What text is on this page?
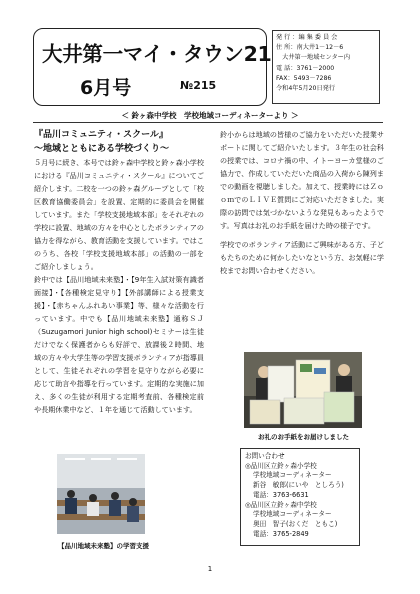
大井第一マイ・タウン21
6月号	№215
発 行 ：編 集 委 員 会
住 所：南大井1－12－6
　大井第一地域センター内
電 話：3761－2000
FAX：5493－7286
令和4年5月20日発行
＜ 鈴ヶ森中学校　学校地域コーディネーターより ＞
『品川コミュニティ・スクール』
～地域とともにある学校づくり～

５月号に続き、本号では鈴ヶ森中学校と鈴ヶ森小学校における『品川コミュニティ・スクール』についてご紹介します。二校を一つの鈴ヶ森グループとして「校区教育協働委員会」を設置、定期的に委員会を開催しています。また「学校支援地域本部」をそれぞれの学校に設置、地域の方々を中心としたボランティアの協力を得ながら、教育活動を支援しています。ではこのうち、各校「学校支援地域本部」の活動の一部をご紹介しましょう。

鈴中では【品川地域未来塾】・【9年生入試対策有識者面接】・【各種検定見守り】【外部講師による授業支援】・【赤ちゃんふれあい事業】等、様々な活動を行っています。中でも【品川地域未来塾】通称ＳＪ（Suzugamori Junior high school)セミナーは生徒だけでなく保護者からも好評で、放課後２時間、地域の方々や大学生等の学習支援ボランティアが指導員として、生徒それぞれの学習を見守りながら必要に応じて助言や指導を行っています。定期的な実施に加え、多くの生徒が利用する定期考査前、各種検定前や長期休業中など、１年を通じて活動しています。

鈴小からは地域の皆様のご協力をいただいた授業サポートに関してご紹介いたします。３年生の社会科の授業では、コロナ禍の中、イトーヨーカ堂様のご協力で、作成していただいた商品の入荷から陳列までの動画を視聴しました。加えて、授業時にはＺｏｏｍでのＬＩＶＥ質問にご対応いただきました。実際の訪問では気づかないような発見もあったようです。写真はお礼のお手紙を届けた時の様子です。

学校でのボランティア活動にご興味がある方、子どもたちのために何かしたいなという方、お気軽に学校までお問い合わせください。

お礼のお手紙をお届けしました
【品川地域未来塾】の学習支援
お問い合わせ
◎品川区立鈴ヶ森小学校
学校地域コーディネーター
新谷　敏郎(にいや　としろう)
電話：3763-6631
◎品川区立鈴ヶ森中学校
学校地域コーディネーター
奥田　智子(おくだ　ともこ)
電話：3765-2849
1
